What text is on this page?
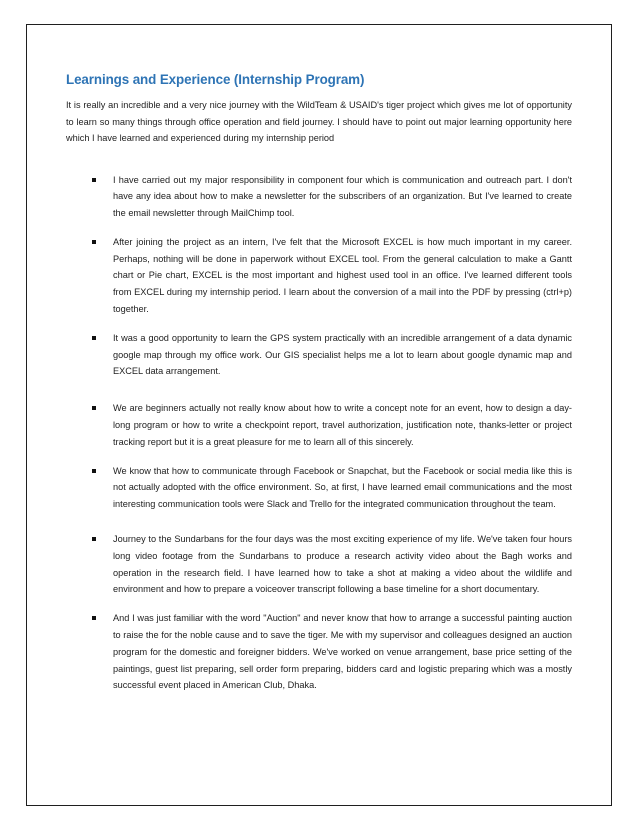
Learnings and Experience (Internship Program)

It is really an incredible and a very nice journey with the WildTeam & USAID's tiger project which gives me lot of opportunity to learn so many things through office operation and field journey. I should have to point out major learning opportunity here which I have learned and experienced during my internship period

I have carried out my major responsibility in component four which is communication and outreach part. I don't have any idea about how to make a newsletter for the subscribers of an organization. But I've learned to create the email newsletter through MailChimp tool.
After joining the project as an intern, I've felt that the Microsoft EXCEL is how much important in my career. Perhaps, nothing will be done in paperwork without EXCEL tool. From the general calculation to make a Gantt chart or Pie chart, EXCEL is the most important and highest used tool in an office. I've learned different tools from EXCEL during my internship period. I learn about the conversion of a mail into the PDF by pressing (ctrl+p) together.
It was a good opportunity to learn the GPS system practically with an incredible arrangement of a data dynamic google map through my office work. Our GIS specialist helps me a lot to learn about google dynamic map and EXCEL data arrangement.
We are beginners actually not really know about how to write a concept note for an event, how to design a day-long program or how to write a checkpoint report, travel authorization, justification note, thanks-letter or project tracking report but it is a great pleasure for me to learn all of this sincerely.
We know that how to communicate through Facebook or Snapchat, but the Facebook or social media like this is not actually adopted with the office environment. So, at first, I have learned email communications and the most interesting communication tools were Slack and Trello for the integrated communication throughout the team.
Journey to the Sundarbans for the four days was the most exciting experience of my life. We've taken four hours long video footage from the Sundarbans to produce a research activity video about the Bagh works and operation in the research field. I have learned how to take a shot at making a video about the wildlife and environment and how to prepare a voiceover transcript following a base timeline for a short documentary.
And I was just familiar with the word "Auction" and never know that how to arrange a successful painting auction to raise the for the noble cause and to save the tiger. Me with my supervisor and colleagues designed an auction program for the domestic and foreigner bidders. We've worked on venue arrangement, base price setting of the paintings, guest list preparing, sell order form preparing, bidders card and logistic preparing which was a mostly successful event placed in American Club, Dhaka.
